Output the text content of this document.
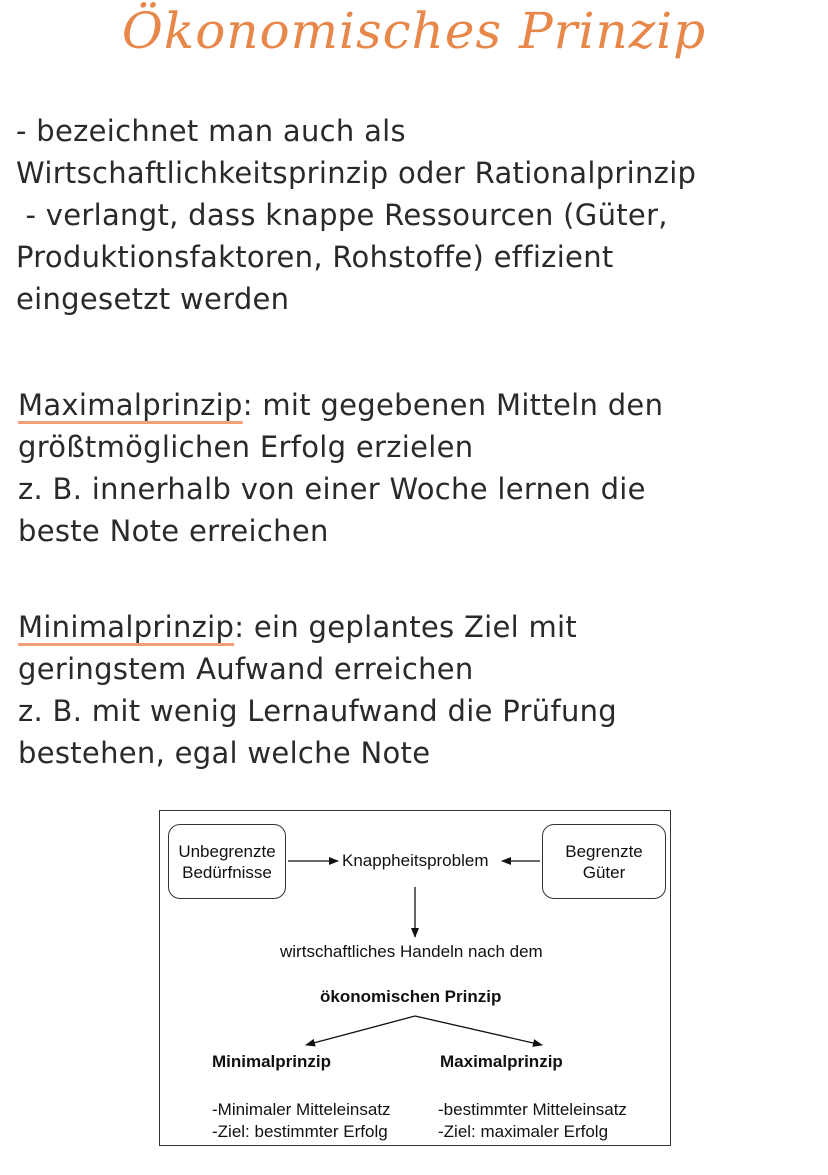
Ökonomisches Prinzip
- bezeichnet man auch als
Wirtschaftlichkeitsprinzip oder Rationalprinzip
- verlangt, dass knappe Ressourcen (Güter,
Produktionsfaktoren, Rohstoffe) effizient
eingesetzt werden
Maximalprinzip: mit gegebenen Mitteln den
größtmöglichen Erfolg erzielen
z. B. innerhalb von einer Woche lernen die
beste Note erreichen
Minimalprinzip: ein geplantes Ziel mit
geringstem Aufwand erreichen
z. B. mit wenig Lernaufwand die Prüfung
bestehen, egal welche Note
Unbegrenzte
Bedürfnisse
Begrenzte
Güter
Knappheitsproblem
wirtschaftliches Handeln nach dem
ökonomischen Prinzip
Minimalprinzip	Maximalprinzip
-Minimaler Mitteleinsatz
-Ziel: bestimmter Erfolg
-bestimmter Mitteleinsatz
-Ziel: maximaler Erfolg
